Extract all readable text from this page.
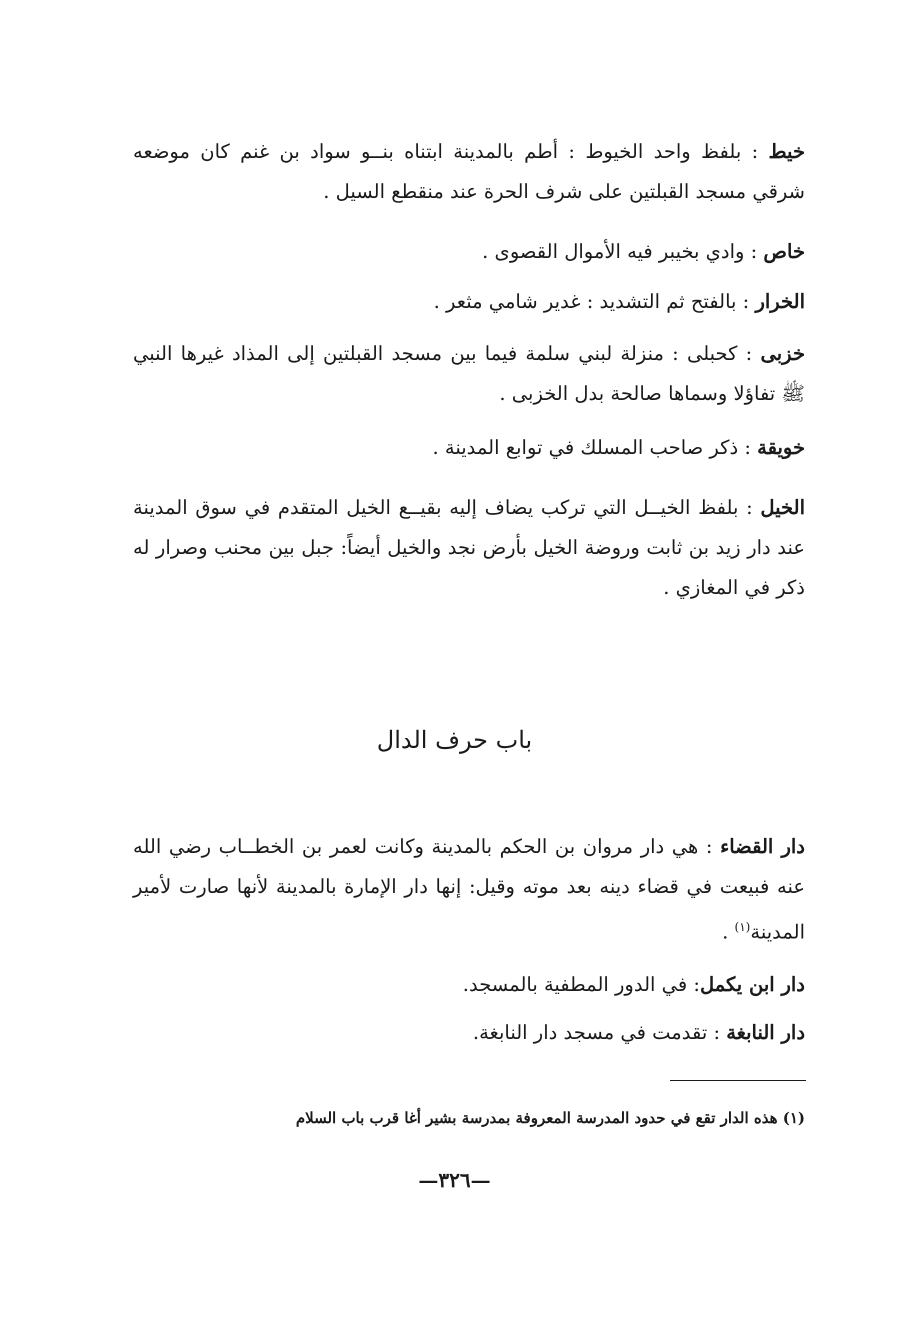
خيط : بلفظ واحد الخيوط : أطم بالمدينة ابتناه بنــو سواد بن غنم كان موضعه شرقي مسجد القبلتين على شرف الحرة عند منقطع السيل .

خاص : وادي بخيبر فيه الأموال القصوى .

الخرار : بالفتح ثم التشديد : غدير شامي مثعر .

خزبى : كحبلى : منزلة لبني سلمة فيما بين مسجد القبلتين إلى المذاد غيرها النبي ﷺ تفاؤلا وسماها صالحة بدل الخزبى .

خويقة : ذكر صاحب المسلك في توابع المدينة .

الخيل : بلفظ الخيــل التي تركب يضاف إليه بقيــع الخيل المتقدم في سوق المدينة عند دار زيد بن ثابت وروضة الخيل بأرض نجد والخيل أيضاً: جبل بين محنب وصرار له ذكر في المغازي .

باب حرف الدال

دار القضاء : هي دار مروان بن الحكم بالمدينة وكانت لعمر بن الخطــاب رضي الله عنه فبيعت في قضاء دينه بعد موته وقيل: إنها دار الإمارة بالمدينة لأنها صارت لأمير المدينة$^{(١)}$ .

دار ابن يكمل: في الدور المطفية بالمسجد.

دار النابغة : تقدمت في مسجد دار النابغة.

(١) هذه الدار تقع في حدود المدرسة المعروفة بمدرسة بشير أغا قرب باب السلام

—٣٢٦—
